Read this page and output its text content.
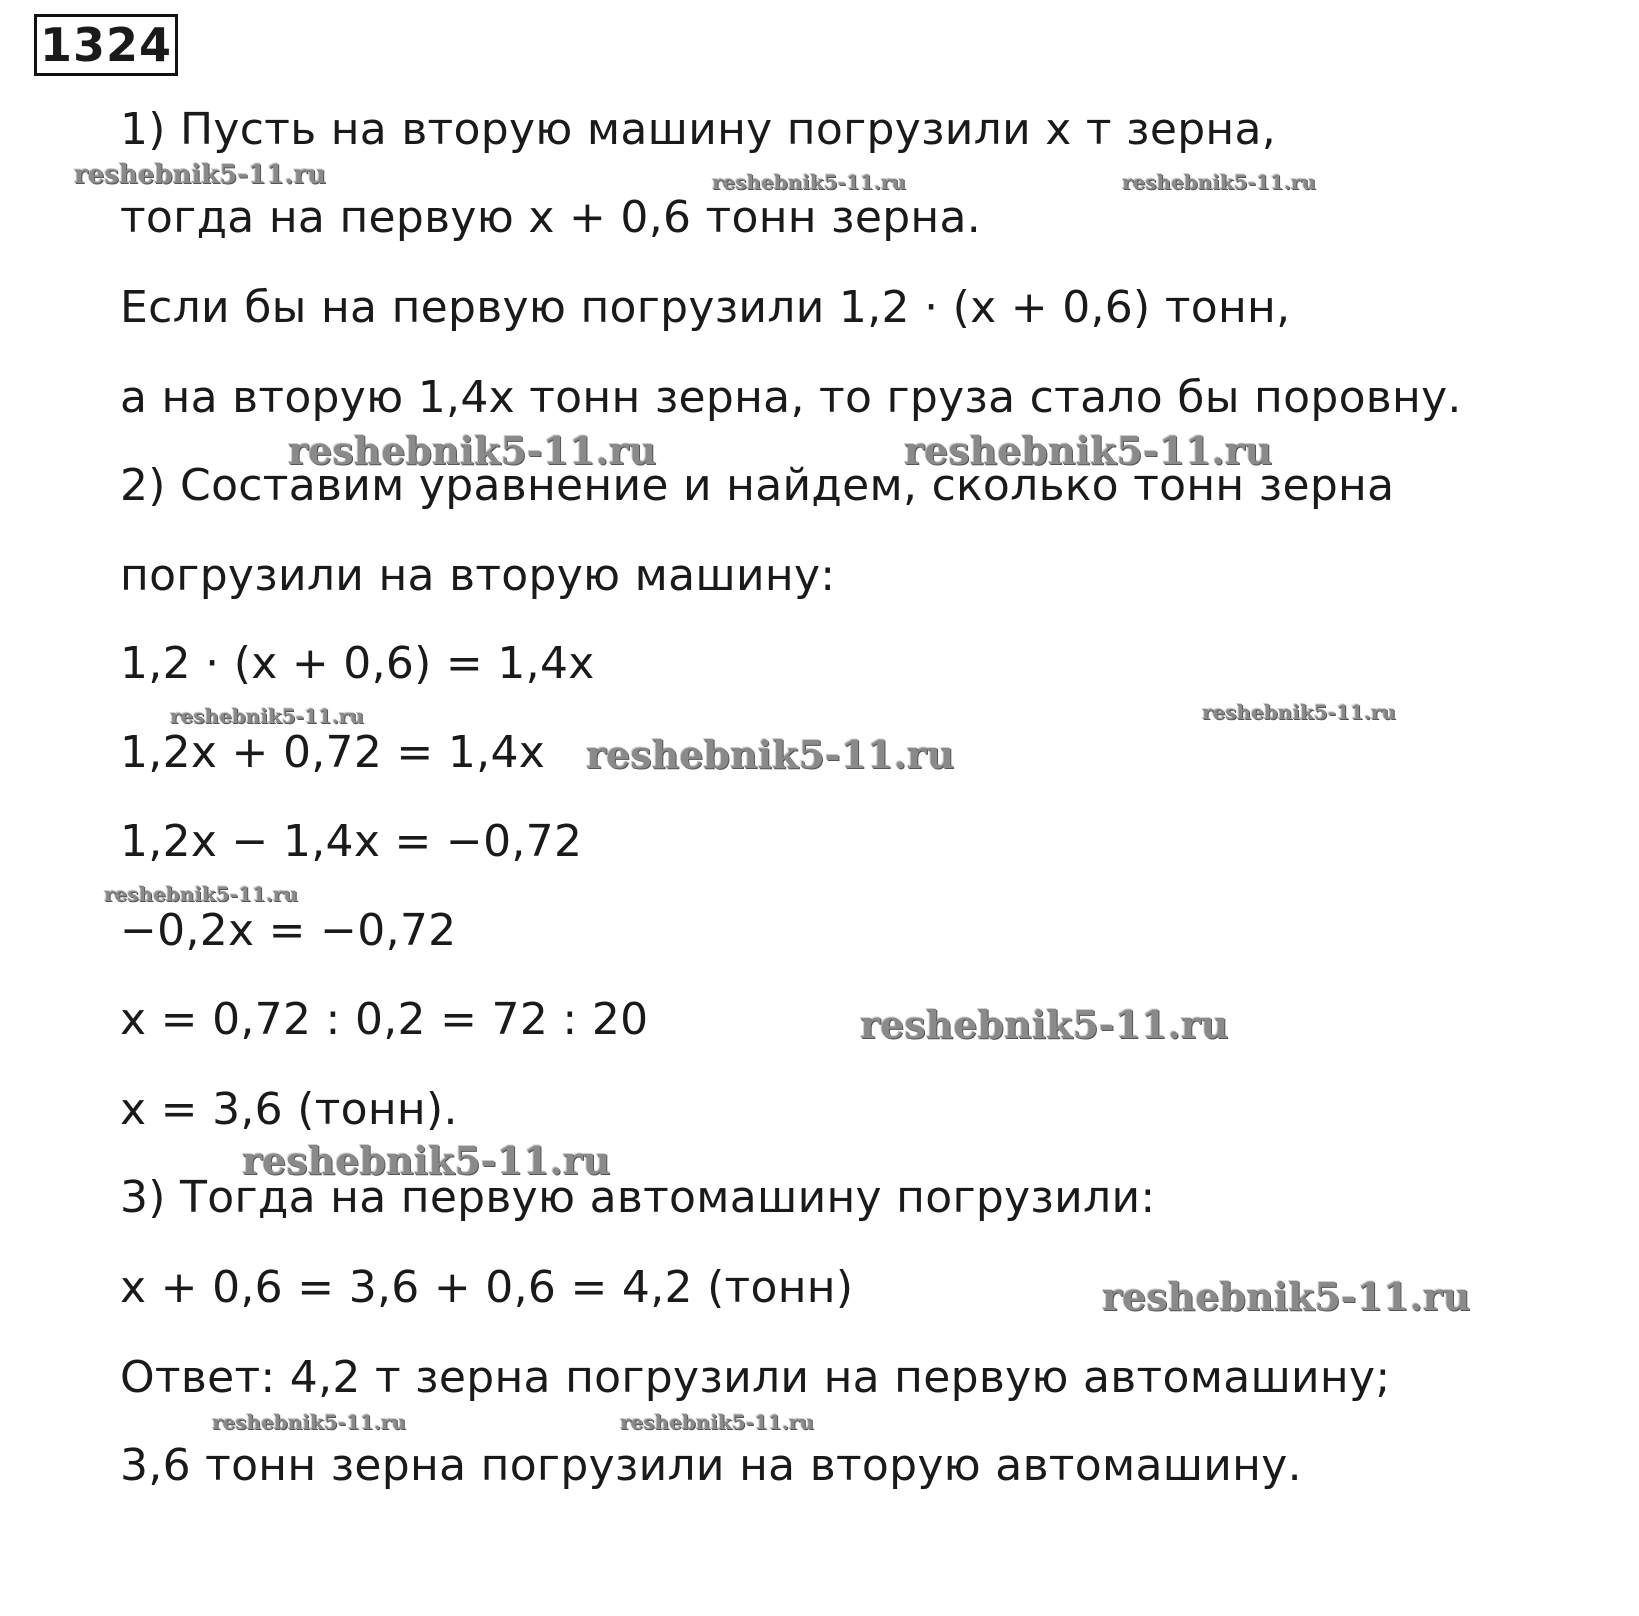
1324
1) Пусть на вторую машину погрузили x т зерна,
тогда на первую x + 0,6 тонн зерна.
Если бы на первую погрузили 1,2 · (x + 0,6) тонн,
а на вторую 1,4x тонн зерна, то груза стало бы поровну.
2) Составим уравнение и найдем, сколько тонн зерна
погрузили на вторую машину:
1,2 · (x + 0,6) = 1,4x
1,2x + 0,72 = 1,4x
1,2x − 1,4x = −0,72
−0,2x = −0,72
x = 0,72 : 0,2 = 72 : 20
x = 3,6 (тонн).
3) Тогда на первую автомашину погрузили:
x + 0,6 = 3,6 + 0,6 = 4,2 (тонн)
Ответ: 4,2 т зерна погрузили на первую автомашину;
3,6 тонн зерна погрузили на вторую автомашину.
reshebnik5-11.ru	reshebnik5-11.ru	reshebnik5-11.ru
reshebnik5-11.ru	reshebnik5-11.ru
reshebnik5-11.ru	reshebnik5-11.ru
reshebnik5-11.ru
reshebnik5-11.ru
reshebnik5-11.ru
reshebnik5-11.ru
reshebnik5-11.ru
reshebnik5-11.ru	reshebnik5-11.ru
